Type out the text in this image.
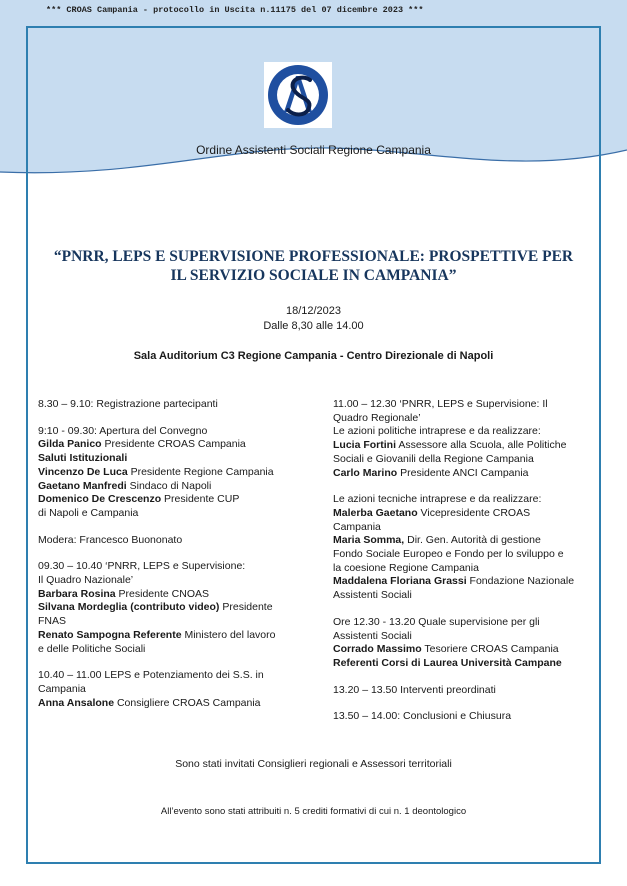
*** CROAS Campania - protocollo in Uscita n.11175 del 07 dicembre 2023 ***
Ordine Assistenti Sociali Regione Campania
“PNRR, LEPS E SUPERVISIONE PROFESSIONALE: PROSPETTIVE PER
IL SERVIZIO SOCIALE IN CAMPANIA”
18/12/2023
Dalle 8,30 alle 14.00
Sala Auditorium C3 Regione Campania - Centro Direzionale di Napoli
8.30 – 9.10: Registrazione partecipanti
9:10 - 09.30: Apertura del Convegno
Gilda Panico Presidente CROAS Campania
Saluti Istituzionali
Vincenzo De Luca Presidente Regione Campania
Gaetano Manfredi Sindaco di Napoli
Domenico De Crescenzo Presidente CUP
di Napoli e Campania
Modera: Francesco Buononato
09.30 – 10.40 ‘PNRR, LEPS e Supervisione:
Il Quadro Nazionale’
Barbara Rosina Presidente CNOAS
Silvana Mordeglia (contributo video) Presidente
FNAS
Renato Sampogna Referente Ministero del lavoro
e delle Politiche Sociali
10.40 – 11.00 LEPS e Potenziamento dei S.S. in
Campania
Anna Ansalone Consigliere CROAS Campania
11.00 – 12.30 ‘PNRR, LEPS e Supervisione: Il
Quadro Regionale’
Le azioni politiche intraprese e da realizzare:
Lucia Fortini Assessore alla Scuola, alle Politiche
Sociali e Giovanili della Regione Campania
Carlo Marino Presidente ANCI Campania
Le azioni tecniche intraprese e da realizzare:
Malerba Gaetano Vicepresidente CROAS
Campania
Maria Somma, Dir. Gen. Autorità di gestione
Fondo Sociale Europeo e Fondo per lo sviluppo e
la coesione Regione Campania
Maddalena Floriana Grassi Fondazione Nazionale
Assistenti Sociali
Ore 12.30 - 13.20 Quale supervisione per gli
Assistenti Sociali
Corrado Massimo Tesoriere CROAS Campania
Referenti Corsi di Laurea Università Campane
13.20 – 13.50 Interventi preordinati
13.50 – 14.00: Conclusioni e Chiusura
Sono stati invitati Consiglieri regionali e Assessori territoriali
All’evento sono stati attribuiti n. 5 crediti formativi di cui n. 1 deontologico
